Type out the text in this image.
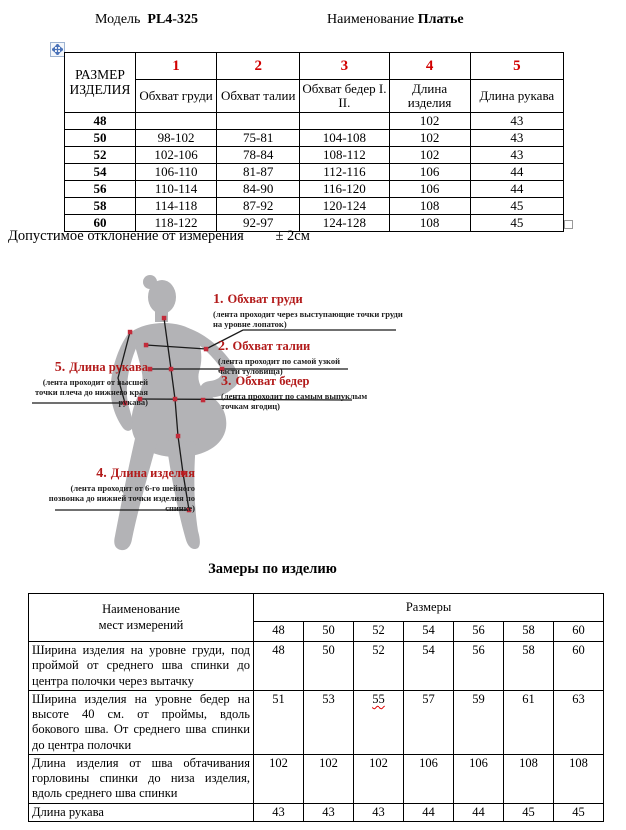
Модель PL4-325	Наименование Платье
РАЗМЕР ИЗДЕЛИЯ	1	2	3	4	5
	Обхват груди	Обхват талии	Обхват бедер I. II.	Длина изделия	Длина рукава
48				102	43
50	98-102	75-81	104-108	102	43
52	102-106	78-84	108-112	102	43
54	106-110	81-87	112-116	106	44
56	110-114	84-90	116-120	106	44
58	114-118	87-92	120-124	108	45
60	118-122	92-97	124-128	108	45
Допустимое отклонение от измерения ± 2см
1. Обхват груди
(лента проходит через выступающие точки груди на уровне лопаток)
2. Обхват талии
(лента проходит по самой узкой части туловища)
3. Обхват бедер
(лента проходит по самым выпуклым точкам ягодиц)
5. Длина рукава
(лента проходит от высшей точки плеча до нижнего края рукава)
4. Длина изделия
(лента проходит от 6-го шейного позвонка до нижней точки изделия по спинке)
Замеры по изделию
Наименование
мест измерений	Размеры						
	48	50	52	54	56	58	60
Ширина изделия на уровне груди, под проймой от среднего шва спинки до центра полочки через вытачку	48	50	52	54	56	58	60
Ширина изделия на уровне бедер на высоте 40 см. от проймы, вдоль бокового шва. От среднего шва спинки до центра полочки	51	53	55	57	59	61	63
Длина изделия от шва обтачивания горловины спинки до низа изделия, вдоль среднего шва спинки	102	102	102	106	106	108	108
Длина рукава	43	43	43	44	44	45	45
